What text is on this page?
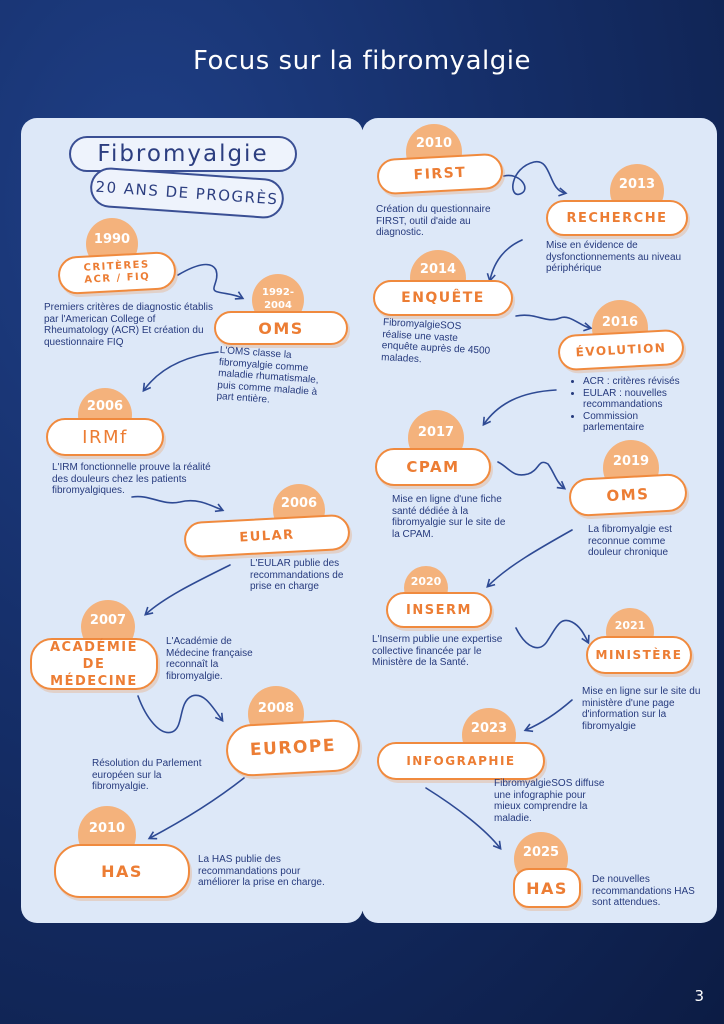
Focus sur la fibromyalgie
Fibromyalgie
20 ANS DE PROGRÈS
1990
CRITÈRES ACR / FIQ
Premiers critères de diagnostic établis par l'American College of Rheumatology (ACR) Et création du questionnaire FIQ
1992-2004
OMS
L'OMS classe la fibromyalgie comme maladie rhumatismale, puis comme maladie à part entière.
2006
IRMf
L'IRM fonctionnelle prouve la réalité des douleurs chez les patients fibromyalgiques.
2006
EULAR
L'EULAR publie des recommandations de prise en charge
2007
ACADÉMIE DE MÉDECINE
L'Académie de Médecine française reconnaît la fibromyalgie.
2008
EUROPE
Résolution du Parlement européen sur la fibromyalgie.
2010
HAS
La HAS publie des recommandations pour améliorer la prise en charge.
2010
FIRST
Création du questionnaire FIRST, outil d'aide au diagnostic.
2013
RECHERCHE
Mise en évidence de dysfonctionnements au niveau périphérique
2014
ENQUÊTE
FibromyalgieSOS réalise une vaste enquête auprès de 4500 malades.
2016
ÉVOLUTION
• ACR : critères révisés
• EULAR : nouvelles recommandations
• Commission parlementaire
2017
CPAM
Mise en ligne d'une fiche santé dédiée à la fibromyalgie sur le site de la CPAM.
2019
OMS
La fibromyalgie est reconnue comme douleur chronique
2020
INSERM
L'Inserm publie une expertise collective financée par le Ministère de la Santé.
2021
MINISTÈRE
Mise en ligne sur le site du ministère d'une page d'information sur la fibromyalgie
2023
INFOGRAPHIE
FibromyalgieSOS diffuse une infographie pour mieux comprendre la maladie.
2025
HAS De nouvelles recommandations HAS sont attendues.
3
